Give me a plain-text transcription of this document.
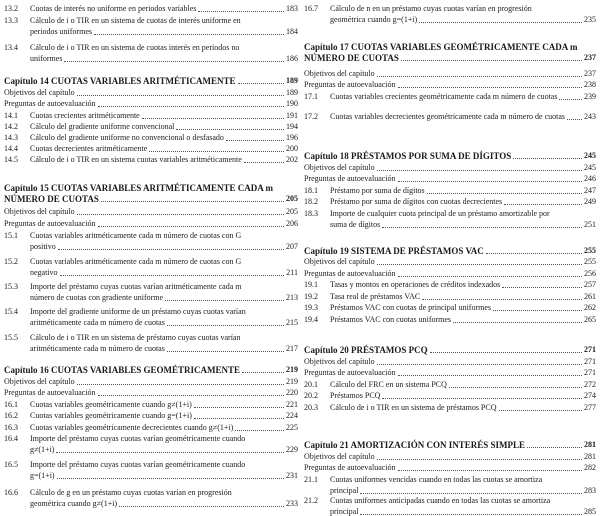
13.2 Cuotas de interés no uniforme en periodos variables	183
13.3 Cálculo de i o TIR en un sistema de cuotas de interés uniforme en
periodos uniformes	184
13.4 Cálculo de i o TIR en un sistema de cuotas interés en periodos no
uniformes	186
Capítulo 14 CUOTAS VARIABLES ARITMÉTICAMENTE	189
Objetivos del capítulo	189
Preguntas de autoevaluación	190
14.1 Cuotas crecientes aritméticamente	191
14.2 Cálculo del gradiente uniforme convencional	194
14.3 Cálculo del gradiente uniforme no convencional o desfasado	196
14.4 Cuotas decrecientes aritméticamente	200
14.5 Cálculo de i o TIR en un sistema cuotas variables aritméticamente	202
Capítulo 15 CUOTAS VARIABLES ARITMÉTICAMENTE CADA m
NÚMERO DE CUOTAS	205
Objetivos del capítulo	205
Preguntas de autoevaluación	206
15.1 Cuotas variables aritméticamente cada m número de cuotas con G
positivo	207
15.2 Cuotas variables aritméticamente cada m número de cuotas con G
negativo	211
15.3 Importe del préstamo cuyas cuotas varían aritméticamente cada m
número de cuotas con gradiente uniforme	213
15.4 Importe del gradiente uniforme de un préstamo cuyas cuotas varían
aritméticamente cada m número de cuotas	215
15.5 Cálculo de i o TIR en un sistema de préstamo cuyas cuotas varían
aritméticamente cada m número de cuotas	217
Capítulo 16 CUOTAS VARIABLES GEOMÉTRICAMENTE	219
Objetivos del capítulo	219
Preguntas de autoevaluación	220
16.1 Cuotas variables geométricamente cuando g≠(1+i)	221
16.2 Cuotas variables geométricamente cuando g=(1+i)	224
16.3 Cuotas variables geométricamente decrecientes cuando g≠(1+i)	225
16.4 Importe del préstamo cuyas cuotas varían geométricamente cuando
g≠(1+i)	229
16.5 Importe del préstamo cuyas cuotas varían geométricamente cuando
g=(1+i)	231
16.6 Cálculo de g en un préstamo cuyas cuotas varían en progresión
geométrica cuando g≠(1+i)	233
16.7 Cálculo de n en un préstamo cuyas cuotas varían en progresión
geométrica cuando g=(1+i)	235
Capítulo 17 CUOTAS VARIABLES GEOMÉTRICAMENTE CADA m
NÚMERO DE CUOTAS	237
Objetivos del capítulo	237
Preguntas de autoevaluación	238
17.1 Cuotas variables crecientes geométricamente cada m número de cuotas	239
17.2 Cuotas variables decrecientes geométricamente cada m número de cuotas 243
Capítulo 18 PRÉSTAMOS POR SUMA DE DÍGITOS	245
Objetivos del capítulo	245
Preguntas de autoevaluación	246
18.1 Préstamo por suma de dígitos	247
18.2 Préstamo por suma de dígitos con cuotas decrecientes	249
18.3 Importe de cualquier cuota principal de un préstamo amortizable por
suma de dígitos	251
Capítulo 19 SISTEMA DE PRÉSTAMOS VAC	255
Objetivos del capítulo	255
Preguntas de autoevaluación	256
19.1 Tasas y montos en operaciones de créditos indexados	257
19.2 Tasa real de préstamos VAC	261
19.3 Préstamos VAC con cuotas de principal uniformes	262
19.4 Préstamos VAC con cuotas uniformes	265
Capítulo 20 PRÉSTAMOS PCQ	271
Objetivos del capítulo	271
Preguntas de autoevaluación	271
20.1 Cálculo del FRC en un sistema PCQ	272
20.2 Préstamos PCQ	274
20.3 Cálculo de i o TIR en un sistema de préstamos PCQ	277
Capítulo 21 AMORTIZACIÓN CON INTERÉS SIMPLE	281
Objetivos del capítulo	281
Preguntas de autoevaluación	282
21.1 Cuotas uniformes vencidas cuando en todas las cuotas se amortiza
principal	283
21.2 Cuotas uniformes anticipadas cuando en todas las cuotas se amortiza
principal	285
